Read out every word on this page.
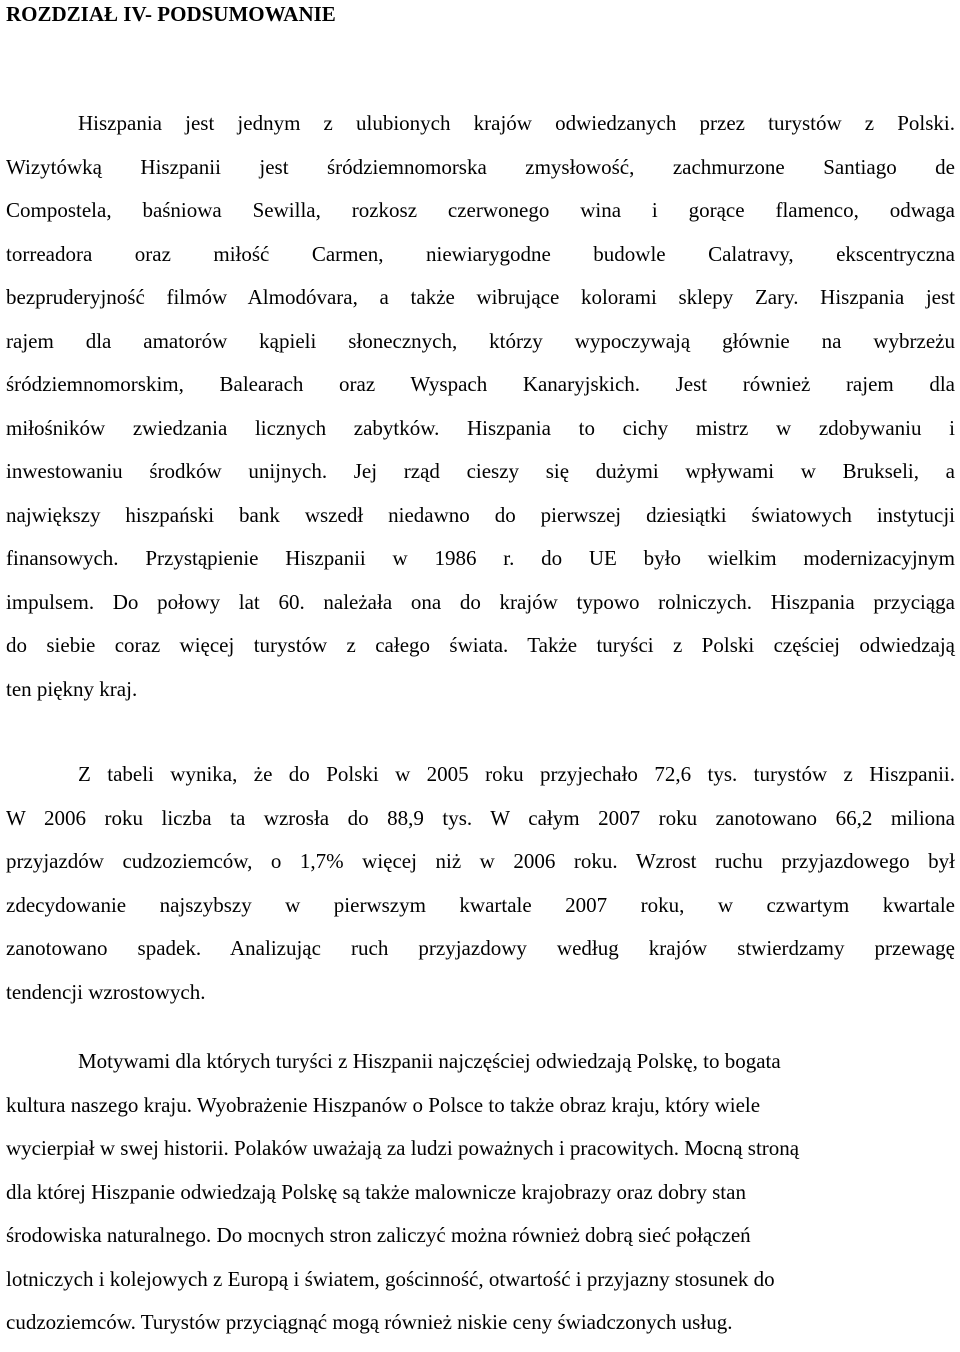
ROZDZIAŁ IV- PODSUMOWANIE

Hiszpania jest jednym z ulubionych krajów odwiedzanych przez turystów z Polski.
Wizytówką Hiszpanii jest śródziemnomorska zmysłowość, zachmurzone Santiago de
Compostela, baśniowa Sewilla, rozkosz czerwonego wina i gorące flamenco, odwaga
torreadora oraz miłość Carmen, niewiarygodne budowle Calatravy, ekscentryczna
bezpruderyjność filmów Almodóvara, a także wibrujące kolorami sklepy Zary. Hiszpania jest
rajem dla amatorów kąpieli słonecznych, którzy wypoczywają głównie na wybrzeżu
śródziemnomorskim, Balearach oraz Wyspach Kanaryjskich. Jest również rajem dla
miłośników zwiedzania licznych zabytków. Hiszpania to cichy mistrz w zdobywaniu i
inwestowaniu środków unijnych. Jej rząd cieszy się dużymi wpływami w Brukseli, a
największy hiszpański bank wszedł niedawno do pierwszej dziesiątki światowych instytucji
finansowych. Przystąpienie Hiszpanii w 1986 r. do UE było wielkim modernizacyjnym
impulsem. Do połowy lat 60. należała ona do krajów typowo rolniczych. Hiszpania przyciąga
do siebie coraz więcej turystów z całego świata. Także turyści z Polski częściej odwiedzają
ten piękny kraj.

Z tabeli wynika, że do Polski w 2005 roku przyjechało 72,6 tys. turystów z Hiszpanii.
W 2006 roku liczba ta wzrosła do 88,9 tys. W całym 2007 roku zanotowano 66,2 miliona
przyjazdów cudzoziemców, o 1,7% więcej niż w 2006 roku. Wzrost ruchu przyjazdowego był
zdecydowanie najszybszy w pierwszym kwartale 2007 roku, w czwartym kwartale
zanotowano spadek. Analizując ruch przyjazdowy według krajów stwierdzamy przewagę
tendencji wzrostowych.

Motywami dla których turyści z Hiszpanii najczęściej odwiedzają Polskę, to bogata
kultura naszego kraju. Wyobrażenie Hiszpanów o Polsce to także obraz kraju, który wiele
wycierpiał w swej historii. Polaków uważają za ludzi poważnych i pracowitych. Mocną stroną
dla której Hiszpanie odwiedzają Polskę są także malownicze krajobrazy oraz dobry stan
środowiska naturalnego. Do mocnych stron zaliczyć można również dobrą sieć połączeń
lotniczych i kolejowych z Europą i światem, gościnność, otwartość i przyjazny stosunek do
cudzoziemców. Turystów przyciągnąć mogą również niskie ceny świadczonych usług.
